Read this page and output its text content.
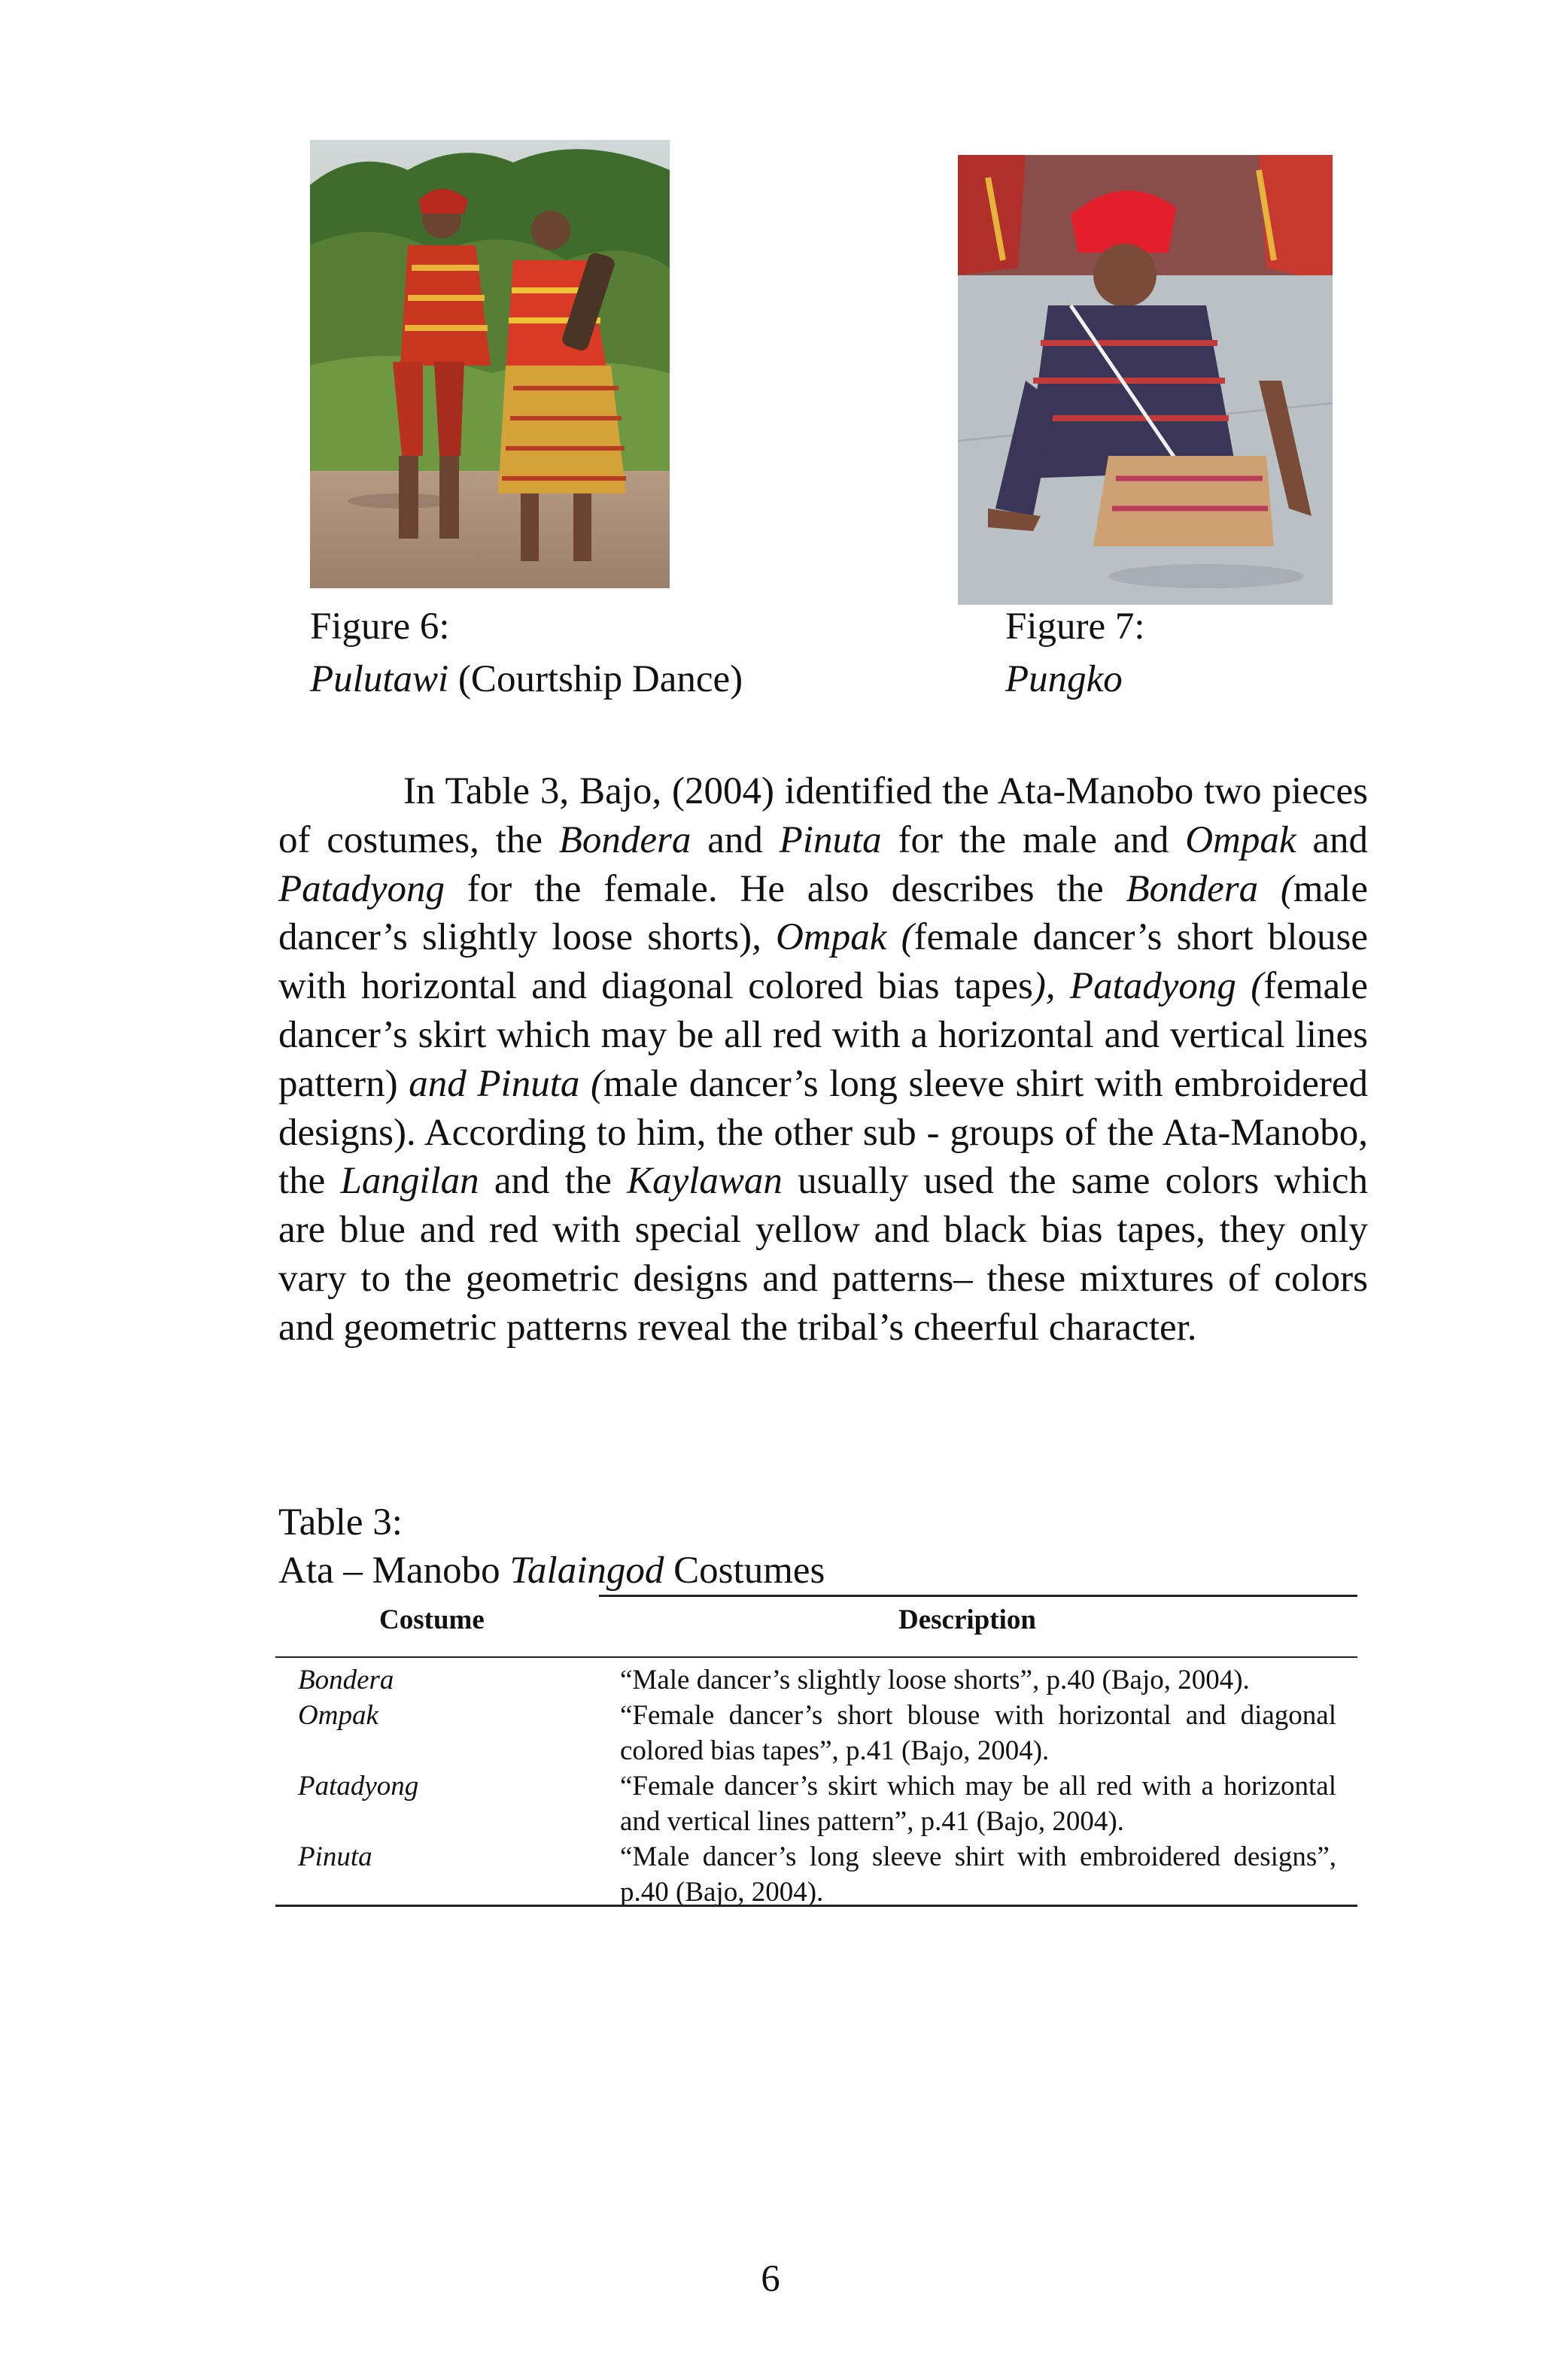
Figure 6:
Pulutawi (Courtship Dance)
Figure 7:
Pungko

In Table 3, Bajo, (2004) identified the Ata-Manobo two pieces of costumes, the Bondera and Pinuta for the male and Ompak and Patadyong for the female. He also describes the Bondera (male dancer’s slightly loose shorts), Ompak (female dancer’s short blouse with horizontal and diagonal colored bias tapes), Patadyong (female dancer’s skirt which may be all red with a horizontal and vertical lines pattern) and Pinuta (male dancer’s long sleeve shirt with embroidered designs). According to him, the other sub - groups of the Ata-Manobo, the Langilan and the Kaylawan usually used the same colors which are blue and red with special yellow and black bias tapes, they only vary to the geometric designs and patterns– these mixtures of colors and geometric patterns reveal the tribal’s cheerful character.

Table 3:
Ata – Manobo Talaingod Costumes
Costume	Description
Bondera	“Male dancer’s slightly loose shorts”, p.40 (Bajo, 2004).
Ompak	“Female dancer’s short blouse with horizontal and diagonal colored bias tapes”, p.41 (Bajo, 2004).
Patadyong	“Female dancer’s skirt which may be all red with a horizontal and vertical lines pattern”, p.41 (Bajo, 2004).
Pinuta	“Male dancer’s long sleeve shirt with embroidered designs”, p.40 (Bajo, 2004).
6
